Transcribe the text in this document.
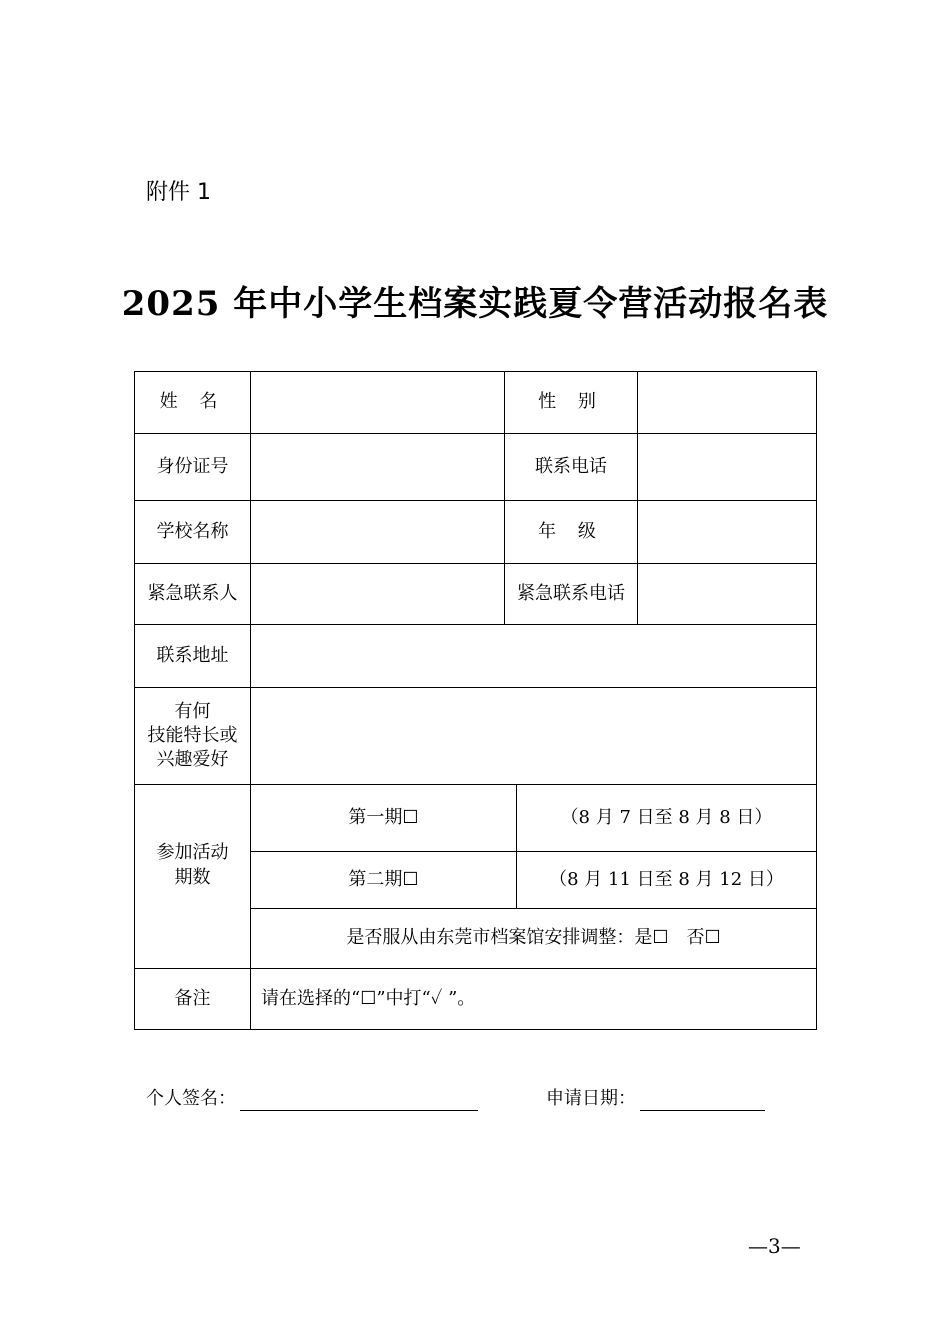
附件 1
2025 年中小学生档案实践夏令营活动报名表
姓 名		性 别		
身份证号		联系电话		
学校名称		年 级		
紧急联系人		紧急联系电话		
联系地址				

有何
技能特长或
兴趣爱好				

参加活动
期数	第一期☐		（8 月 7 日至 8 月 8 日）	
	第二期☐		（8 月 11 日至 8 月 12 日）	
	是否服从由东莞市档案馆安排调整：是☐　否☐			
备注	请在选择的“☐”中打“✓ ”。			
个人签名：	申请日期：
—3—
